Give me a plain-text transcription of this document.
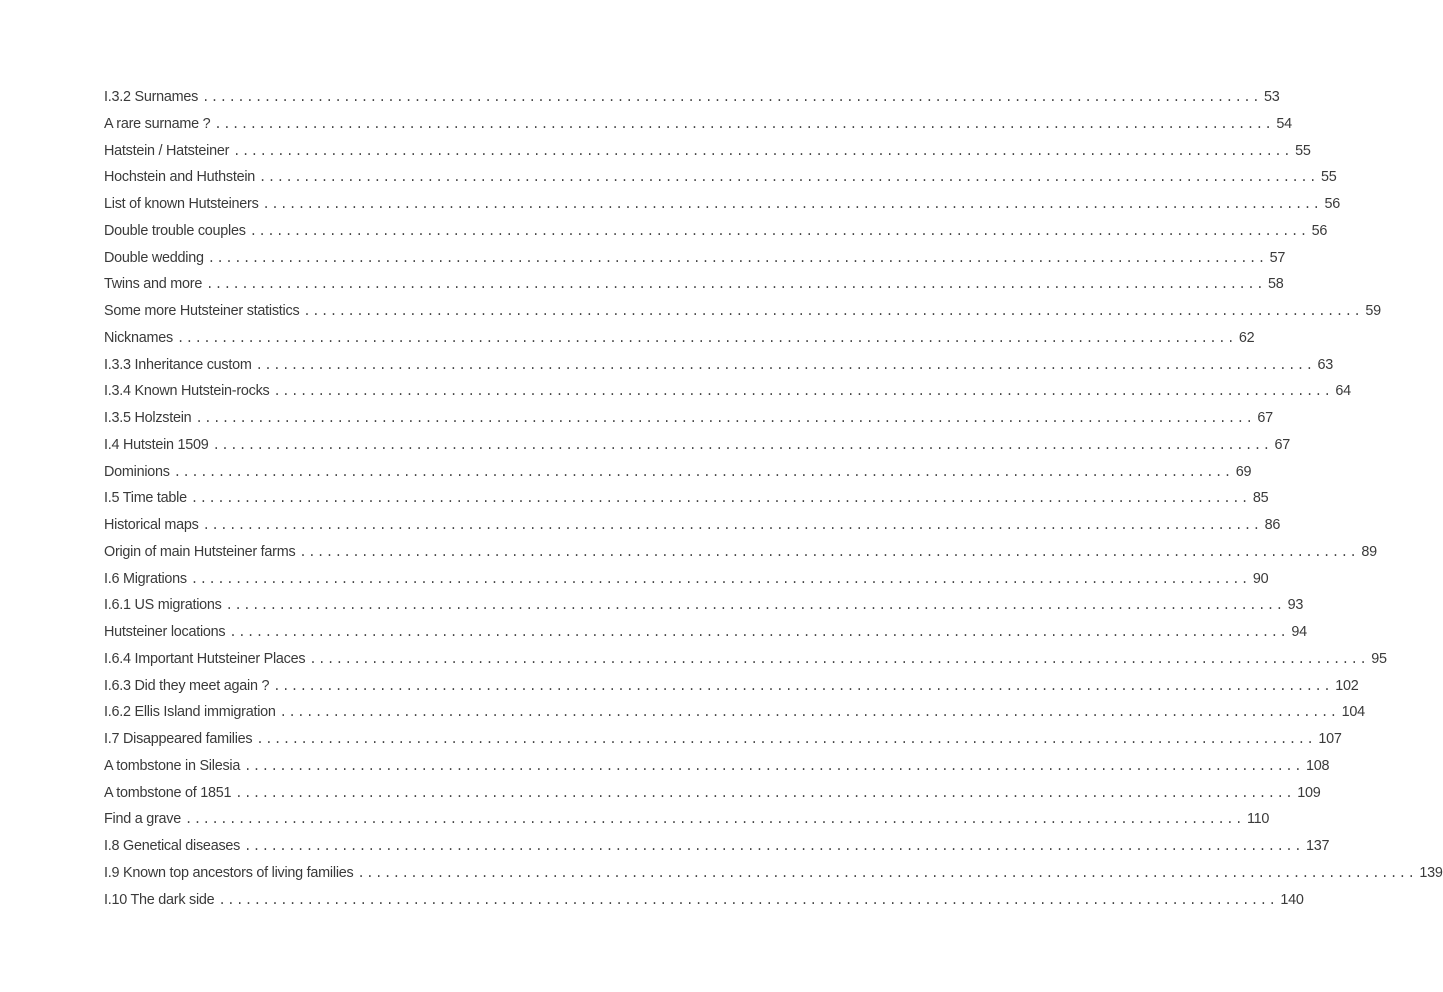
I.3.2 Surnames ........................................................................................................................ 53
A rare surname ? ........................................................................................................................ 54
Hatstein / Hatsteiner ........................................................................................................................ 55
Hochstein and Huthstein ........................................................................................................................ 55
List of known Hutsteiners ........................................................................................................................ 56
Double trouble couples ........................................................................................................................ 56
Double wedding ........................................................................................................................ 57
Twins and more ........................................................................................................................ 58
Some more Hutsteiner statistics ........................................................................................................................ 59
Nicknames ........................................................................................................................ 62
I.3.3 Inheritance custom ........................................................................................................................ 63
I.3.4 Known Hutstein-rocks ........................................................................................................................ 64
I.3.5 Holzstein ........................................................................................................................ 67
I.4 Hutstein 1509 ........................................................................................................................ 67
Dominions ........................................................................................................................ 69
I.5 Time table ........................................................................................................................ 85
Historical maps ........................................................................................................................ 86
Origin of main Hutsteiner farms ........................................................................................................................ 89
I.6 Migrations ........................................................................................................................ 90
I.6.1 US migrations ........................................................................................................................ 93
Hutsteiner locations ........................................................................................................................ 94
I.6.4 Important Hutsteiner Places ........................................................................................................................ 95
I.6.3 Did they meet again ? ........................................................................................................................ 102
I.6.2 Ellis Island immigration ........................................................................................................................ 104
I.7 Disappeared families ........................................................................................................................ 107
A tombstone in Silesia ........................................................................................................................ 108
A tombstone of 1851 ........................................................................................................................ 109
Find a grave ........................................................................................................................ 110
I.8 Genetical diseases ........................................................................................................................ 137
I.9 Known top ancestors of living families ........................................................................................................................ 139
I.10 The dark side ........................................................................................................................ 140
